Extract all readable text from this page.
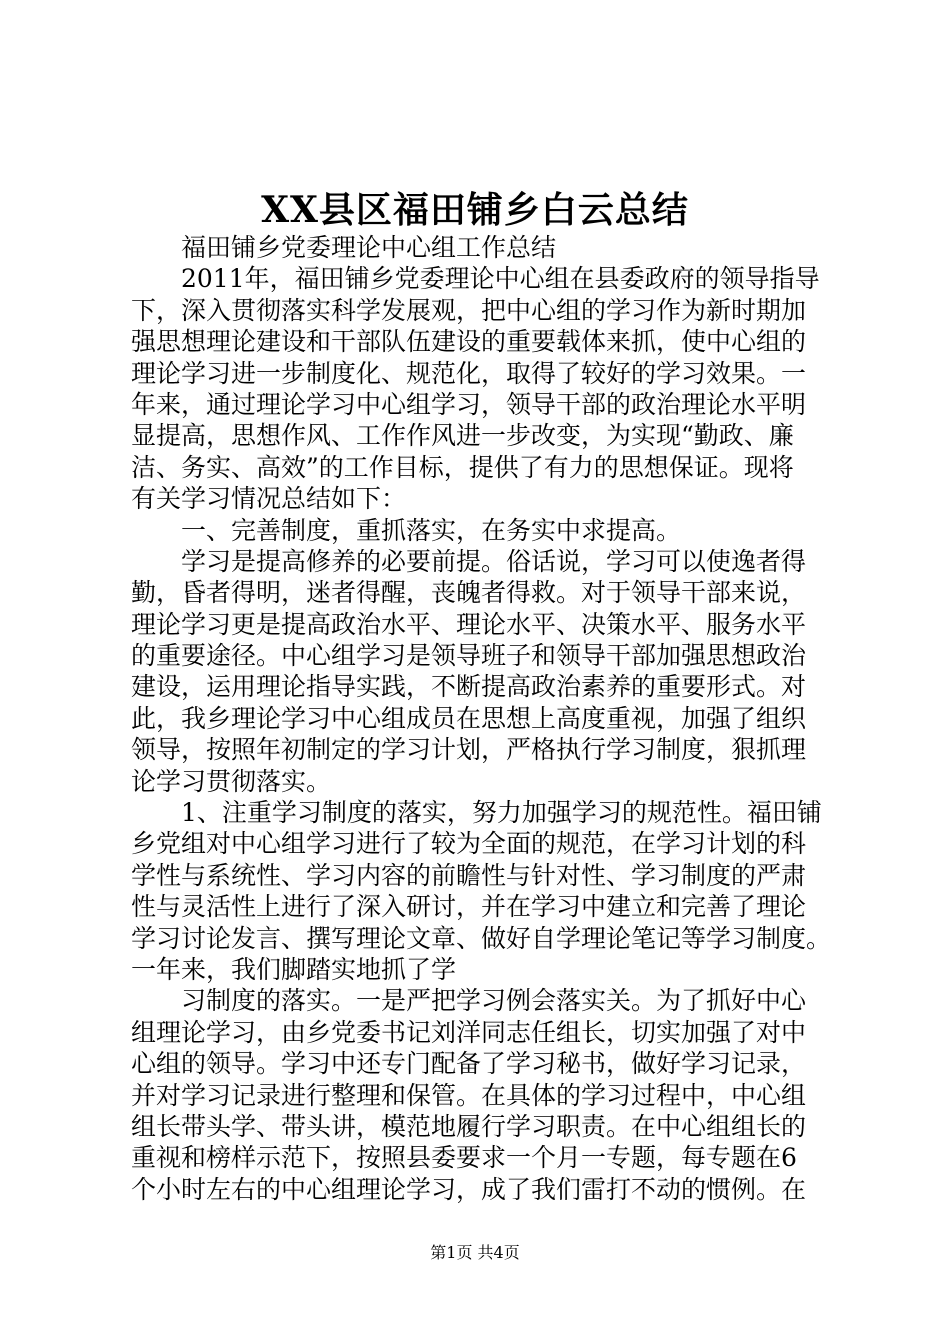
XX县区福田铺乡白云总结
　　福田铺乡党委理论中心组工作总结
　　2011年，福田铺乡党委理论中心组在县委政府的领导指导
下，深入贯彻落实科学发展观，把中心组的学习作为新时期加
强思想理论建设和干部队伍建设的重要载体来抓，使中心组的
理论学习进一步制度化、规范化，取得了较好的学习效果。一
年来，通过理论学习中心组学习，领导干部的政治理论水平明
显提高，思想作风、工作作风进一步改变，为实现“勤政、廉
洁、务实、高效”的工作目标，提供了有力的思想保证。现将
有关学习情况总结如下：
　　一、完善制度，重抓落实，在务实中求提高。
　　学习是提高修养的必要前提。俗话说，学习可以使逸者得
勤，昏者得明，迷者得醒，丧魄者得救。对于领导干部来说，
理论学习更是提高政治水平、理论水平、决策水平、服务水平
的重要途径。中心组学习是领导班子和领导干部加强思想政治
建设，运用理论指导实践，不断提高政治素养的重要形式。对
此，我乡理论学习中心组成员在思想上高度重视，加强了组织
领导，按照年初制定的学习计划，严格执行学习制度，狠抓理
论学习贯彻落实。
　　1、注重学习制度的落实，努力加强学习的规范性。福田铺
乡党组对中心组学习进行了较为全面的规范，在学习计划的科
学性与系统性、学习内容的前瞻性与针对性、学习制度的严肃
性与灵活性上进行了深入研讨，并在学习中建立和完善了理论
学习讨论发言、撰写理论文章、做好自学理论笔记等学习制度。
一年来，我们脚踏实地抓了学
　　习制度的落实。一是严把学习例会落实关。为了抓好中心
组理论学习，由乡党委书记刘洋同志任组长，切实加强了对中
心组的领导。学习中还专门配备了学习秘书，做好学习记录，
并对学习记录进行整理和保管。在具体的学习过程中，中心组
组长带头学、带头讲，模范地履行学习职责。在中心组组长的
重视和榜样示范下，按照县委要求一个月一专题，每专题在6
个小时左右的中心组理论学习，成了我们雷打不动的惯例。在
第1页 共4页
